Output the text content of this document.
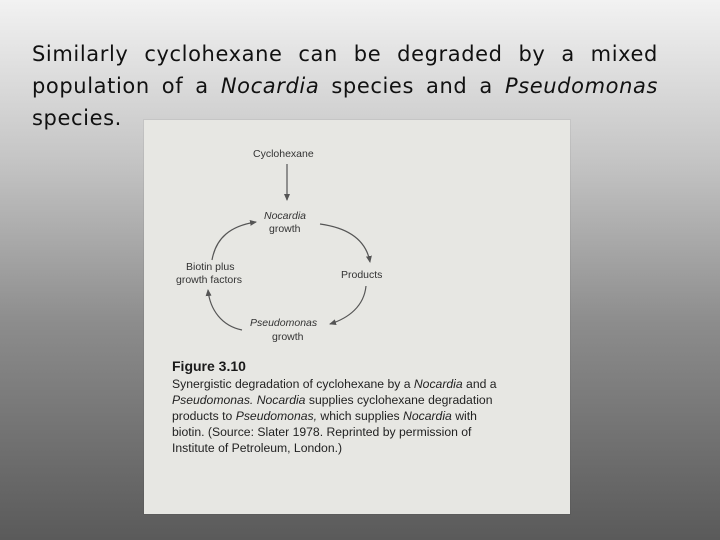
Similarly cyclohexane can be degraded by a mixed population of a Nocardia species and a Pseudomonas species.

Cyclohexane
Nocardia
growth
Products
Biotin plus
growth factors
Pseudomonas
growth
Figure 3.10
Synergistic degradation of cyclohexane by a Nocardia and a
Pseudomonas. Nocardia supplies cyclohexane degradation
products to Pseudomonas, which supplies Nocardia with
biotin. (Source: Slater 1978. Reprinted by permission of
Institute of Petroleum, London.)
